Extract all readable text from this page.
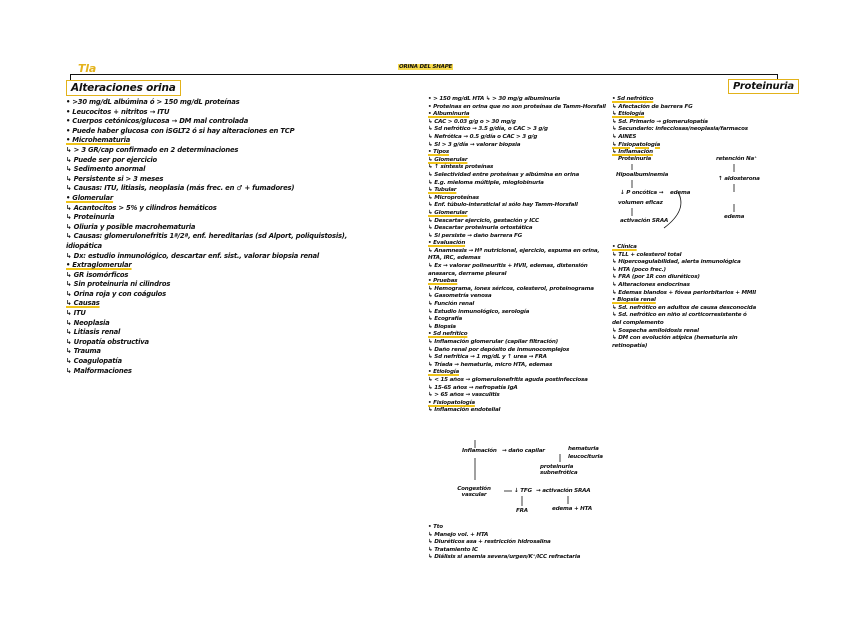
Tla	ORINA DEL SHAPE
Alteraciones orina	Proteinuria
• >30 mg/dL albúmina ó > 150 mg/dL proteínas
• Leucocitos + nitritos → ITU
• Cuerpos cetónicos/glucosa → DM mal controlada
• Puede haber glucosa con iSGLT2 ó si hay alteraciones en TCP
• Microhematuria
↳ > 3 GR/cap confirmado en 2 determinaciones
↳ Puede ser por ejercicio
↳ Sedimento anormal
↳ Persistente si > 3 meses
↳ Causas: ITU, litiasis, neoplasia (más frec. en ♂ + fumadores)
• Glomerular
↳ Acantocitos > 5% y cilindros hemáticos
↳ Proteinuria
↳ Oliuria y posible macrohematuria
↳ Causas: glomerulonefritis 1ª/2ª, enf. hereditarias (sd Alport, poliquistosis),
idiopática
↳ Dx: estudio inmunológico, descartar enf. sist., valorar biopsia renal
• Extraglomerular
↳ GR isomórficos
↳ Sin proteinuria ni cilindros
↳ Orina roja y con coágulos
↳ Causas
↳ ITU
↳ Neoplasia
↳ Litiasis renal
↳ Uropatía obstructiva
↳ Trauma
↳ Coagulopatía
↳ Malformaciones
• > 150 mg/dL HTA ↳ > 30 mg/g albuminuria
• Proteinas en orina que no son proteínas de Tamm-Horsfall
• Albuminuria
↳ CAC > 0.03 g/g o > 30 mg/g
↳ Sd nefrótico → 3.5 g/día, o CAC > 3 g/g
↳ Nefrótica → 0.5 g/día o CAC > 3 g/g
↳ SI > 3 g/día → valorar biopsia
• Tipos
↳ Glomerular
↳ ↑ síntesis proteínas
↳ Selectividad entre proteínas y albúmina en orina
↳ E.g. mieloma múltiple, mioglobinuria
↳ Tubular
↳ Microproteínas
↳ Enf. túbulo-intersticial si sólo hay Tamm-Horsfall
↳ Glomerular
↳ Descartar ejercicio, gestación y ICC
↳ Descartar proteinuria ortostática
↳ Si persiste → daño barrera FG
• Evaluación
↳ Anamnesis → Hª nutricional, ejercicio, espuma en orina,
HTA, IRC, edemas
↳ Ex → valorar polineuritis + HVII, edemas, distensión
anasarca, derrame pleural
• Pruebas
↳ Hemograma, iones séricos, colesterol, proteinograma
↳ Gasometría venosa
↳ Función renal
↳ Estudio inmunológico, serología
↳ Ecografía
↳ Biopsia
• Sd nefrítico
↳ Inflamación glomerular (capilar filtración)
↳ Daño renal por depósito de inmunocomplejos
↳ Sd nefrítica → 1 mg/dL y ↑ urea → FRA
↳ Tríada → hematuria, micro HTA, edemas
• Etiología
↳ < 15 años → glomerulonefritis aguda postinfecciosa
↳ 15-65 años → nefropatía IgA
↳ > 65 años → vasculitis
• Fisiopatología
↳ Inflamación endotelial
Inflamación → daño capilar	hematuria
leucocituria
proteinuria subnefrótica
Congestión vascular
↓ TFG → activación SRAA
FRA	edema + HTA
• Tto
↳ Manejo vol. + HTA
↳ Diuréticos asa + restricción hidrosalina
↳ Tratamiento IC
↳ Diálisis si anemia severa/urgen/K⁺/ICC refractaria
• Sd nefrótico
↳ Afectación de barrera FG
↳ Etiología
↳ Sd. Primario → glomerulopatía
↳ Secundario: infecciosas/neoplasia/farmacos
↳ AINES
↳ Fisiopatología
↳ Inflamación
Proteinuria
Hipoalbuminemia
↓ P oncótica → edema
volumen eficaz
activación SRAA
retención Na⁺
↑ aldosterona
edema
• Clínica
↳ TLL + colesterol total
↳ Hipercoagulabilidad, alerta inmunológica
↳ HTA (poco frec.)
↳ FRA (por 1R con diuréticos)
↳ Alteraciones endocrinas
↳ Edemas blandos + fóvea periorbitarios + MMII
• Biopsia renal
↳ Sd. nefrótico en adultos de causa desconocida
↳ Sd. nefrótico en niño si corticorresistente ó
del complemento
↳ Sospecha amiloidosis renal
↳ DM con evolución atípica (hematuria sin
retinopatía)
